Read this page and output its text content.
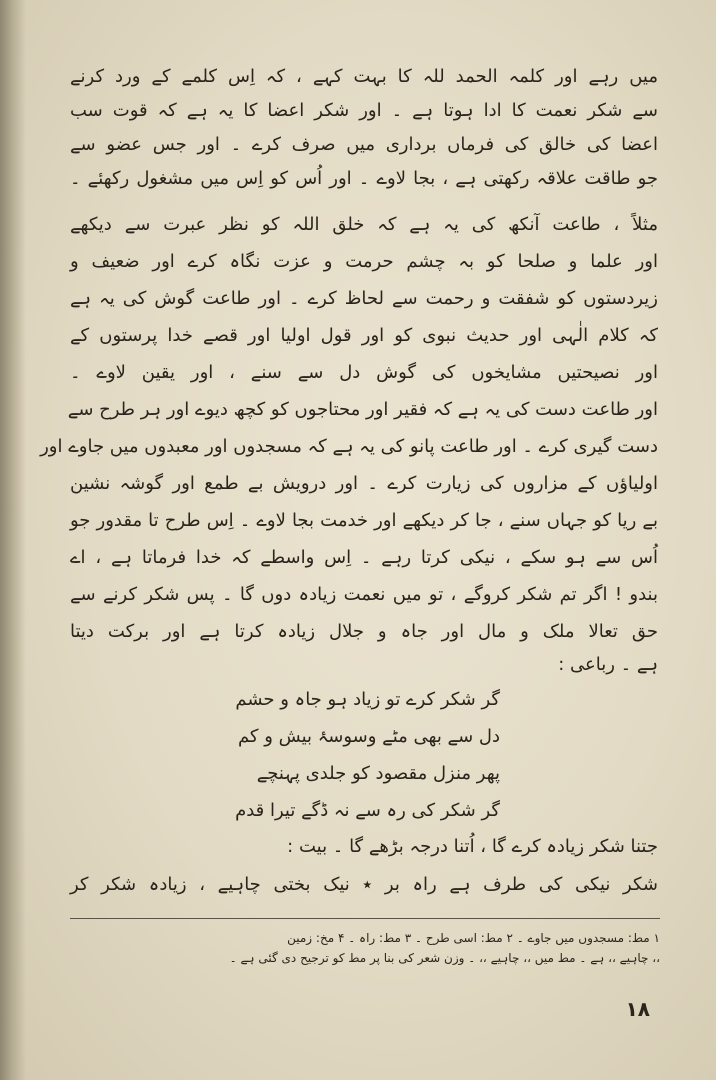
میں رہے اور کلمہ الحمد للہ کا بہت کہے ، کہ اِس کلمے کے ورد کرنے
سے شکر نعمت کا ادا ہوتا ہے ۔ اور شکر اعضا کا یہ ہے کہ قوت سب
اعضا کی خالق کی فرماں برداری میں صرف کرے ۔ اور جس عضو سے
جو طاقت علاقہ رکھتی ہے ، بجا لاوے ۔ اور اُس کو اِس میں مشغول رکھئے ۔
مثلاً ، طاعت آنکھ کی یہ ہے کہ خلق اللہ کو نظر عبرت سے دیکھے
اور علما و صلحا کو بہ چشم حرمت و عزت نگاہ کرے اور ضعیف و
زیردستوں کو شفقت و رحمت سے لحاظ کرے ۔ اور طاعت گوش کی یہ ہے
کہ کلام الٰہی اور حدیث نبوی کو اور قول اولیا اور قصے خدا پرستوں کے
اور نصیحتیں مشایخوں کی گوش دل سے سنے ، اور یقین لاوے ۔
اور طاعت دست کی یہ ہے کہ فقیر اور محتاجوں کو کچھ دیوے اور ہر طرح سے
دست گیری کرے ۔ اور طاعت پانو کی یہ ہے کہ مسجدوں اور معبدوں میں جاوے اور
اولیاؤں کے مزاروں کی زیارت کرے ۔ اور درویش بے طمع اور گوشہ نشین
بے ریا کو جہاں سنے ، جا کر دیکھے اور خدمت بجا لاوے ۔ اِس طرح تا مقدور جو
اُس سے ہو سکے ، نیکی کرتا رہے ۔ اِس واسطے کہ خدا فرماتا ہے ، اے
بندو ! اگر تم شکر کروگے ، تو میں نعمت زیادہ دوں گا ۔ پس شکر کرنے سے
حق تعالا ملک و مال اور جاہ و جلال زیادہ کرتا ہے اور برکت دیتا
ہے ۔ رباعی :
گر شکر کرے تو زیاد ہو جاہ و حشم
دل سے بھی مٹے وسوسۂ بیش و کم
پھر منزل مقصود کو جلدی پہنچے
گر شکر کی رہ سے نہ ڈگے تیرا قدم
جتنا شکر زیادہ کرے گا ، اُتنا درجہ بڑھے گا ۔ بیت :
شکر نیکی کی طرف ہے راہ بر ٭ نیک بختی چاہیے ، زیادہ شکر کر
۱ مط: مسجدوں میں جاوے ۔ ۲ مط: اسی طرح ۔ ۳ مط: راہ ۔ ۴ مخ: زمین
،، چاہیے ،، ہے ۔ مط میں ،، چاہیے ،، ۔ وزن شعر کی بنا پر مط کو ترجیح دی گئی ہے ۔
۱۸
